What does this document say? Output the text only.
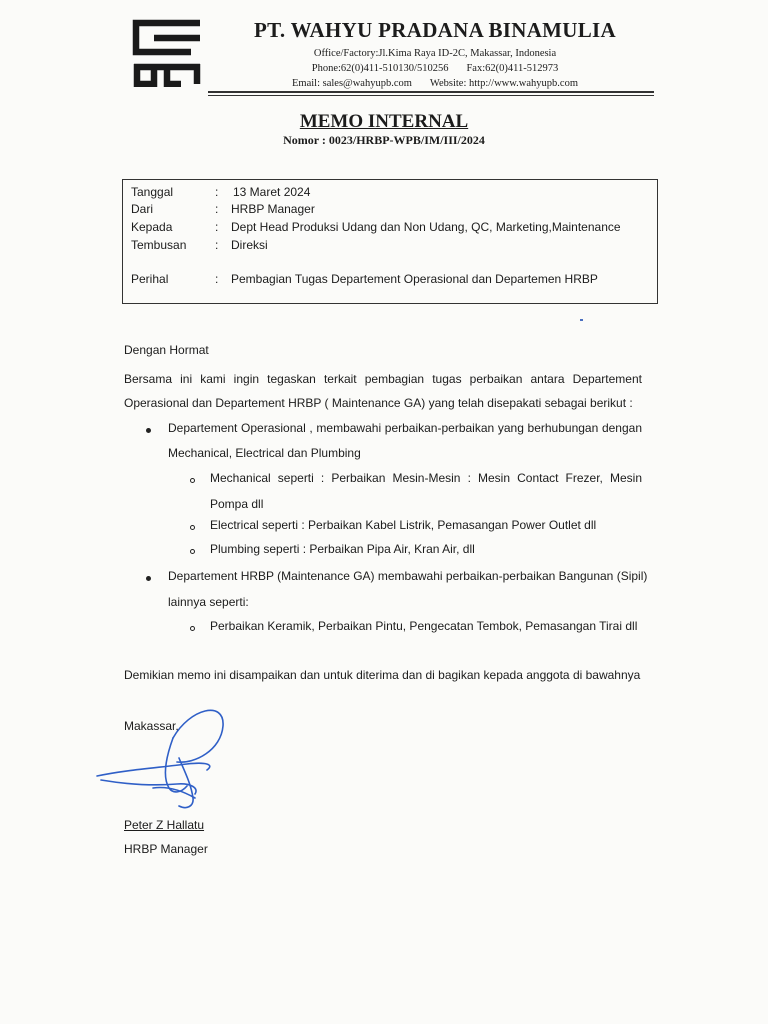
PT. WAHYU PRADANA BINAMULIA
Office/Factory:Jl.Kima Raya ID-2C, Makassar, Indonesia
Phone:62(0)411-510130/510256 Fax:62(0)411-512973
Email: sales@wahyupb.com Website: http://www.wahyupb.com
MEMO INTERNAL
Nomor : 0023/HRBP-WPB/IM/III/2024
Tanggal	: 13 Maret 2024
Dari	: HRBP Manager
Kepada	: Dept Head Produksi Udang dan Non Udang, QC, Marketing,Maintenance
Tembusan : Direksi
Perihal	: Pembagian Tugas Departement Operasional dan Departemen HRBP
Dengan Hormat
Bersama ini kami ingin tegaskan terkait pembagian tugas perbaikan antara Departement
Operasional dan Departement HRBP ( Maintenance GA) yang telah disepakati sebagai berikut :
Departement Operasional , membawahi perbaikan-perbaikan yang berhubungan dengan
Mechanical, Electrical dan Plumbing
Mechanical seperti : Perbaikan Mesin-Mesin : Mesin Contact Frezer, Mesin
Pompa dll
Electrical seperti : Perbaikan Kabel Listrik, Pemasangan Power Outlet dll
Plumbing seperti : Perbaikan Pipa Air, Kran Air, dll
Departement HRBP (Maintenance GA) membawahi perbaikan-perbaikan Bangunan (Sipil)
lainnya seperti:
Perbaikan Keramik, Perbaikan Pintu, Pengecatan Tembok, Pemasangan Tirai dll
Demikian memo ini disampaikan dan untuk diterima dan di bagikan kepada anggota di bawahnya
Makassar,
Peter Z Hallatu
HRBP Manager
